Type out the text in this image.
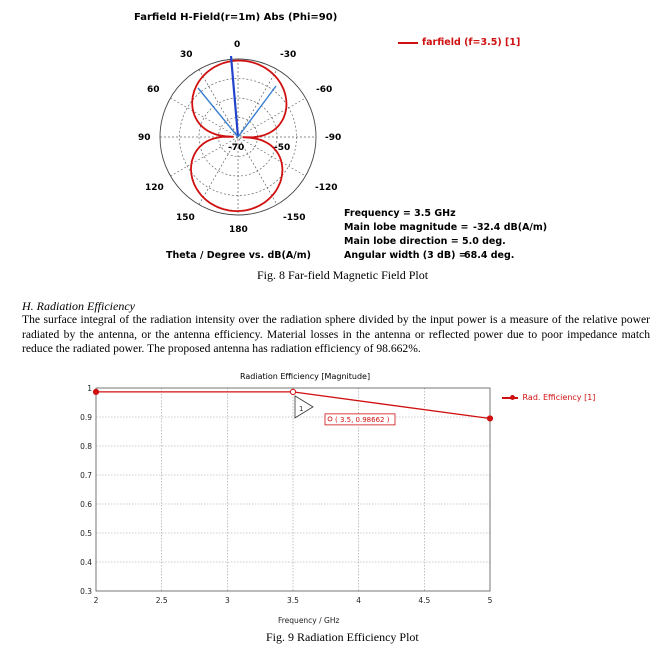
Farfield H-Field(r=1m) Abs (Phi=90)
farfield (f=3.5) [1]
0
-30
-60
-90
-120
-150
180
150
120
90
60
30
-70	-50
Frequency = 3.5 GHz
Main lobe magnitude = -32.4 dB(A/m)
Main lobe direction = 5.0 deg.
Angular width (3 dB) =
68.4 deg.
Theta / Degree vs. dB(A/m)
Fig. 8 Far-field Magnetic Field Plot
H. Radiation Efficiency
The surface integral of the radiation intensity over the radiation sphere divided by the input power is a measure of the relative power radiated by the antenna, or the antenna efficiency. Material losses in the antenna or reflected power due to poor impedance match reduce the radiated power. The proposed antenna has radiation efficiency of 98.662%.
Radiation Efficiency [Magnitude]
0.3
0.4
0.5
0.6
0.7
0.8
0.9
1
2	2.5	3	3.5	4	4.5	5
1
( 3.5, 0.98662 )
Rad. Efficiency [1]
Frequency / GHz
Fig. 9 Radiation Efficiency Plot
